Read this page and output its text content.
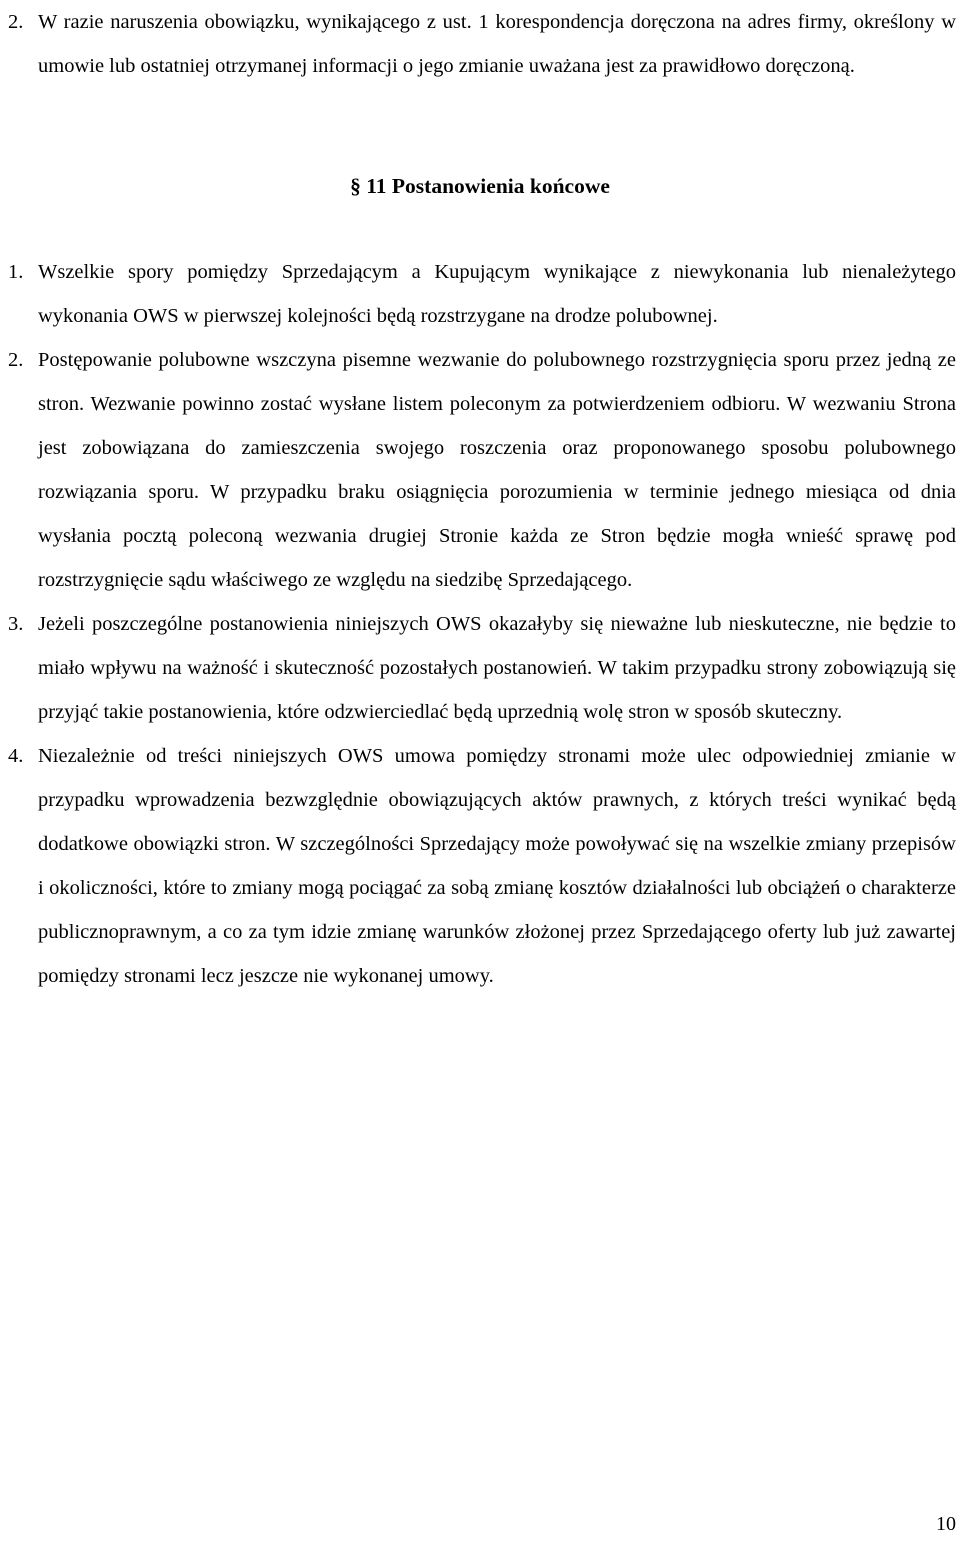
2. W razie naruszenia obowiązku, wynikającego z ust. 1 korespondencja doręczona na adres firmy, określony w umowie lub ostatniej otrzymanej informacji o jego zmianie uważana jest za prawidłowo doręczoną.
§ 11 Postanowienia końcowe
1. Wszelkie spory pomiędzy Sprzedającym a Kupującym wynikające z niewykonania lub nienależytego wykonania OWS w pierwszej kolejności będą rozstrzygane na drodze polubownej.
2. Postępowanie polubowne wszczyna pisemne wezwanie do polubownego rozstrzygnięcia sporu przez jedną ze stron. Wezwanie powinno zostać wysłane listem poleconym za potwierdzeniem odbioru. W wezwaniu Strona jest zobowiązana do zamieszczenia swojego roszczenia oraz proponowanego sposobu polubownego rozwiązania sporu. W przypadku braku osiągnięcia porozumienia w terminie jednego miesiąca od dnia wysłania pocztą poleconą wezwania drugiej Stronie każda ze Stron będzie mogła wnieść sprawę pod rozstrzygnięcie sądu właściwego ze względu na siedzibę Sprzedającego.
3. Jeżeli poszczególne postanowienia niniejszych OWS okazałyby się nieważne lub nieskuteczne, nie będzie to miało wpływu na ważność i skuteczność pozostałych postanowień. W takim przypadku strony zobowiązują się przyjąć takie postanowienia, które odzwierciedlać będą uprzednią wolę stron w sposób skuteczny.
4. Niezależnie od treści niniejszych OWS umowa pomiędzy stronami może ulec odpowiedniej zmianie w przypadku wprowadzenia bezwzględnie obowiązujących aktów prawnych, z których treści wynikać będą dodatkowe obowiązki stron. W szczególności Sprzedający może powoływać się na wszelkie zmiany przepisów i okoliczności, które to zmiany mogą pociągać za sobą zmianę kosztów działalności lub obciążeń o charakterze publicznoprawnym, a co za tym idzie zmianę warunków złożonej przez Sprzedającego oferty lub już zawartej pomiędzy stronami lecz jeszcze nie wykonanej umowy.
10
